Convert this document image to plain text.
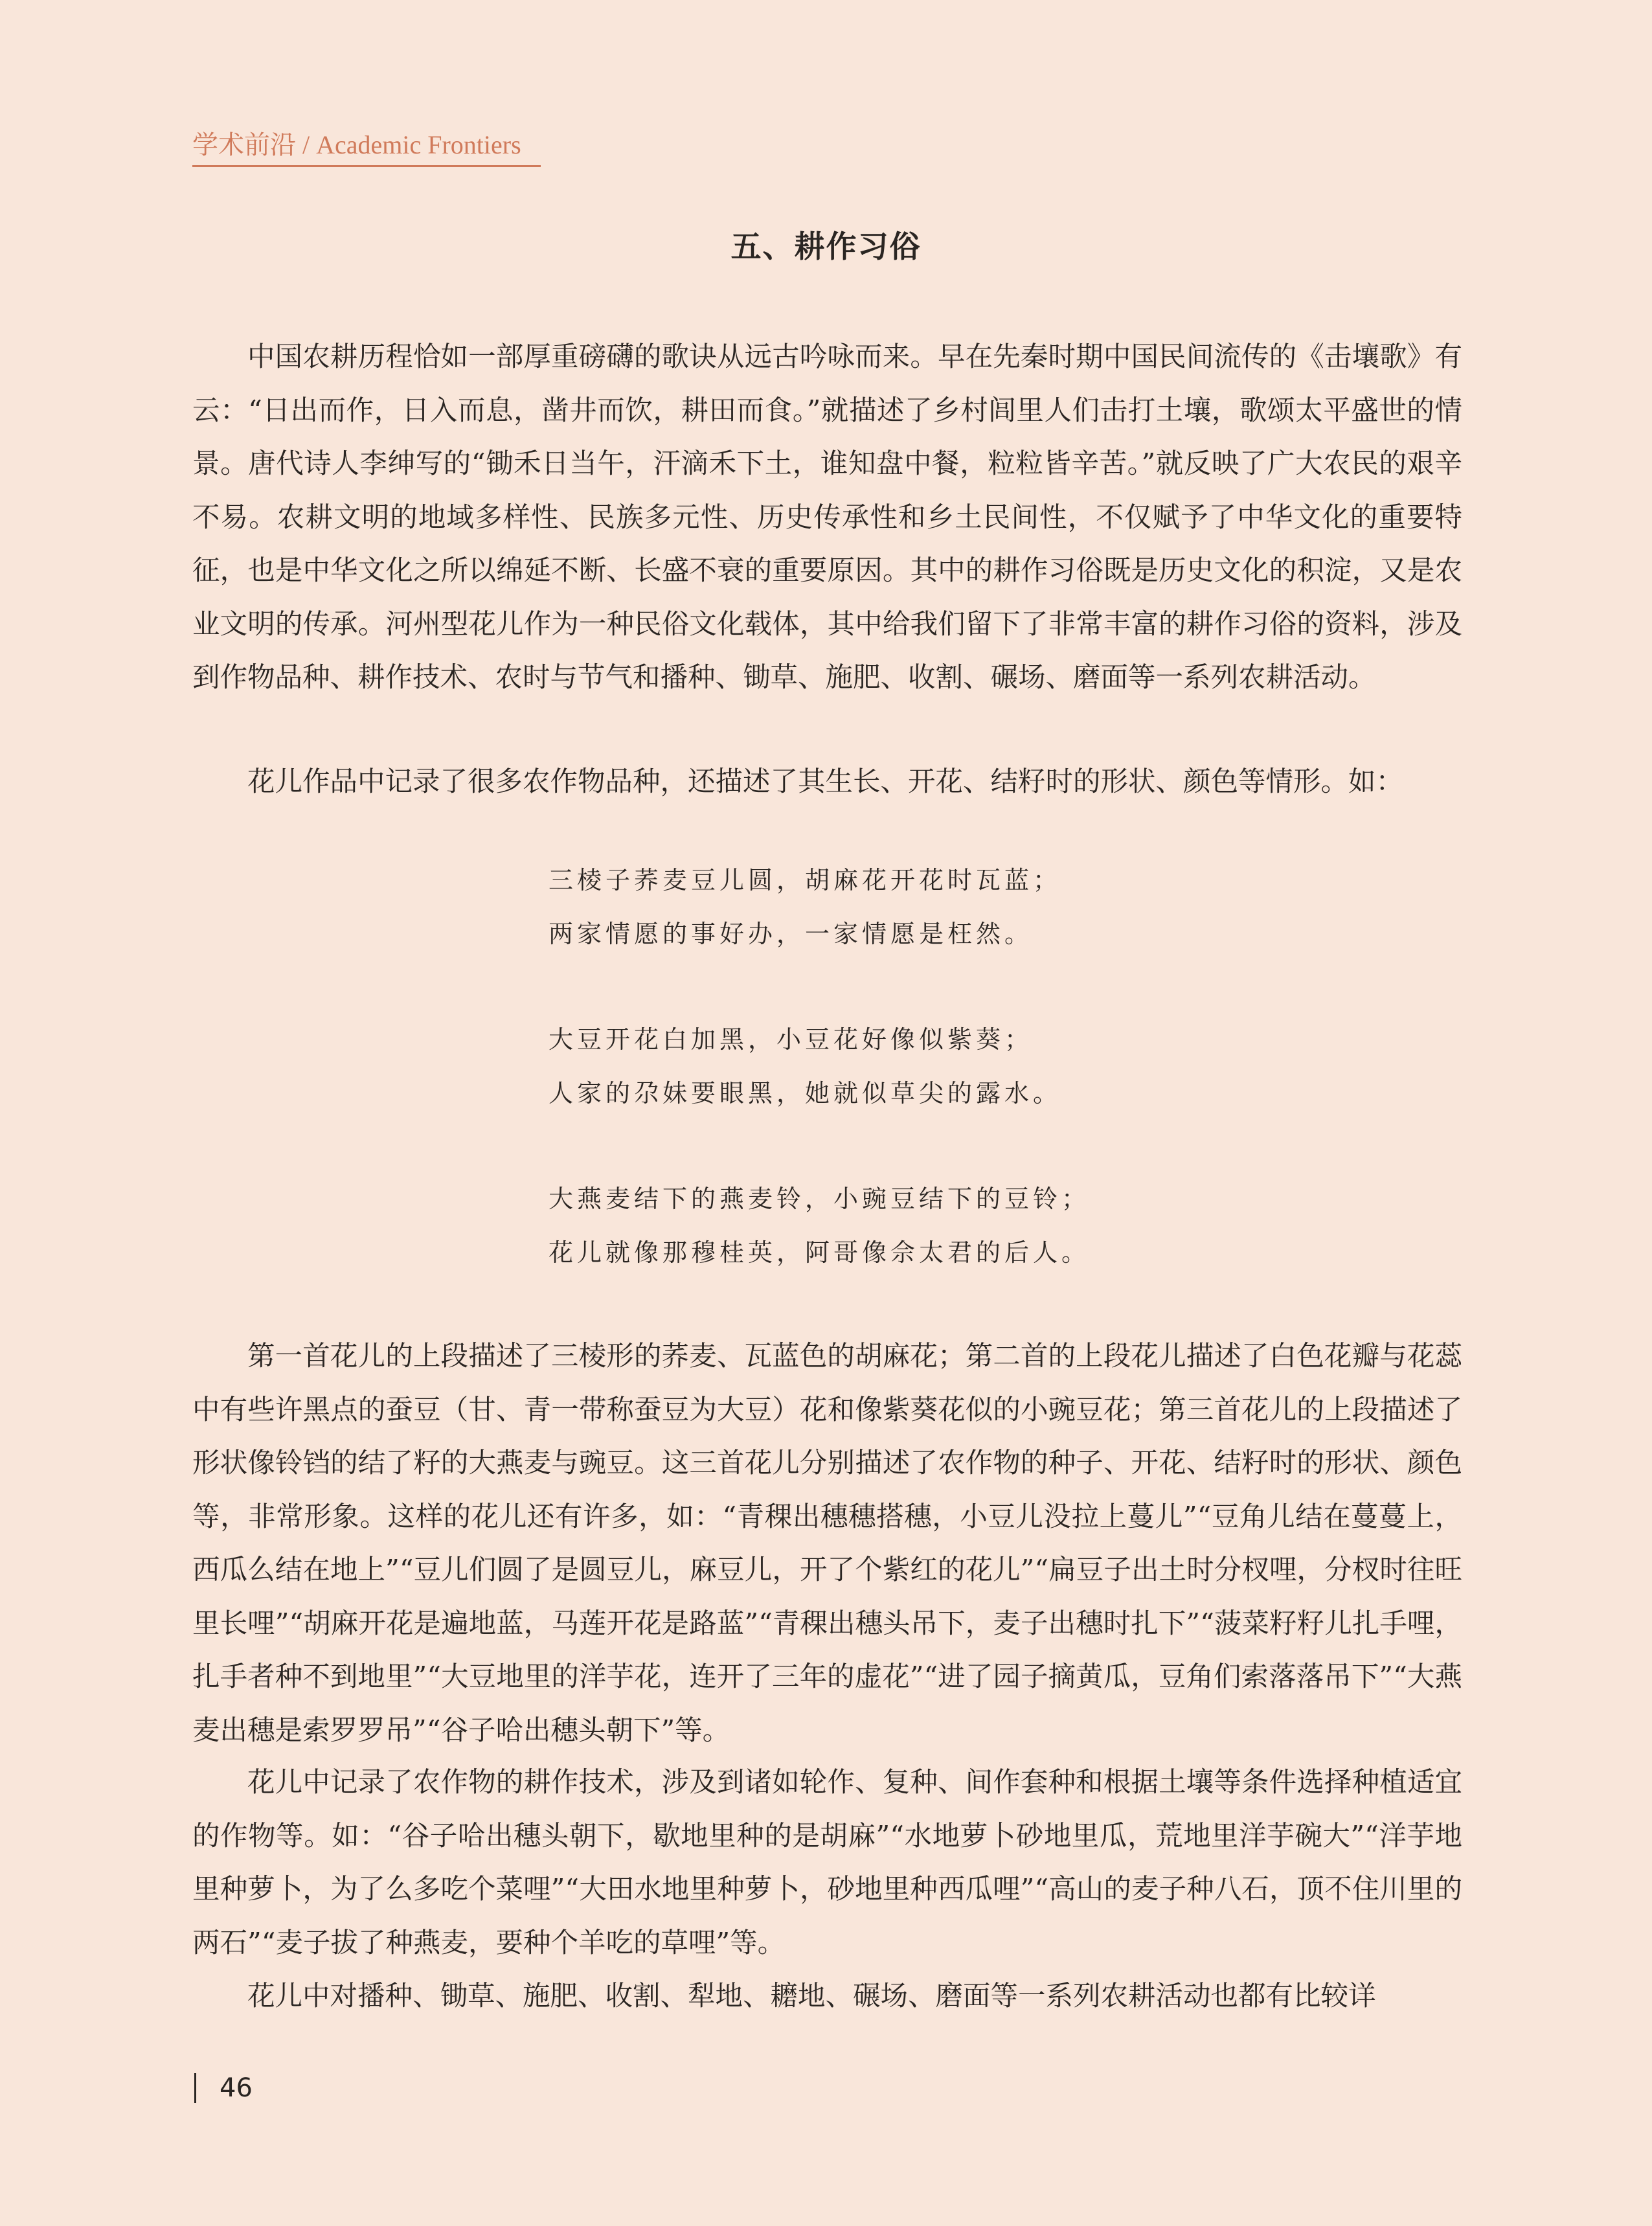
学术前沿 / Academic Frontiers
五、耕作习俗

中国农耕历程恰如一部厚重磅礴的歌诀从远古吟咏而来。早在先秦时期中国民间流传的《击壤歌》有云：“日出而作，日入而息，凿井而饮，耕田而食。”就描述了乡村闾里人们击打土壤，歌颂太平盛世的情景。唐代诗人李绅写的“锄禾日当午，汗滴禾下土，谁知盘中餐，粒粒皆辛苦。”就反映了广大农民的艰辛不易。农耕文明的地域多样性、民族多元性、历史传承性和乡土民间性，不仅赋予了中华文化的重要特征，也是中华文化之所以绵延不断、长盛不衰的重要原因。其中的耕作习俗既是历史文化的积淀，又是农业文明的传承。河州型花儿作为一种民俗文化载体，其中给我们留下了非常丰富的耕作习俗的资料，涉及到作物品种、耕作技术、农时与节气和播种、锄草、施肥、收割、碾场、磨面等一系列农耕活动。

花儿作品中记录了很多农作物品种，还描述了其生长、开花、结籽时的形状、颜色等情形。如：

三棱子荞麦豆儿圆，胡麻花开花时瓦蓝；
两家情愿的事好办，一家情愿是枉然。
大豆开花白加黑，小豆花好像似紫葵；
人家的尕妹要眼黑，她就似草尖的露水。
大燕麦结下的燕麦铃，小豌豆结下的豆铃；
花儿就像那穆桂英，阿哥像佘太君的后人。

第一首花儿的上段描述了三棱形的荞麦、瓦蓝色的胡麻花；第二首的上段花儿描述了白色花瓣与花蕊中有些许黑点的蚕豆（甘、青一带称蚕豆为大豆）花和像紫葵花似的小豌豆花；第三首花儿的上段描述了形状像铃铛的结了籽的大燕麦与豌豆。这三首花儿分别描述了农作物的种子、开花、结籽时的形状、颜色等，非常形象。这样的花儿还有许多，如：“青稞出穗穗搭穗，小豆儿没拉上蔓儿”“豆角儿结在蔓蔓上，西瓜么结在地上”“豆儿们圆了是圆豆儿，麻豆儿，开了个紫红的花儿”“扁豆子出土时分杈哩，分杈时往旺里长哩”“胡麻开花是遍地蓝，马莲开花是路蓝”“青稞出穗头吊下，麦子出穗时扎下”“菠菜籽籽儿扎手哩，扎手者种不到地里”“大豆地里的洋芋花，连开了三年的虚花”“进了园子摘黄瓜，豆角们索落落吊下”“大燕麦出穗是索罗罗吊”“谷子哈出穗头朝下”等。

花儿中记录了农作物的耕作技术，涉及到诸如轮作、复种、间作套种和根据土壤等条件选择种植适宜的作物等。如：“谷子哈出穗头朝下，歇地里种的是胡麻”“水地萝卜砂地里瓜，荒地里洋芋碗大”“洋芋地里种萝卜，为了么多吃个菜哩”“大田水地里种萝卜，砂地里种西瓜哩”“高山的麦子种八石，顶不住川里的两石”“麦子拔了种燕麦，要种个羊吃的草哩”等。

花儿中对播种、锄草、施肥、收割、犁地、耱地、碾场、磨面等一系列农耕活动也都有比较详

46
